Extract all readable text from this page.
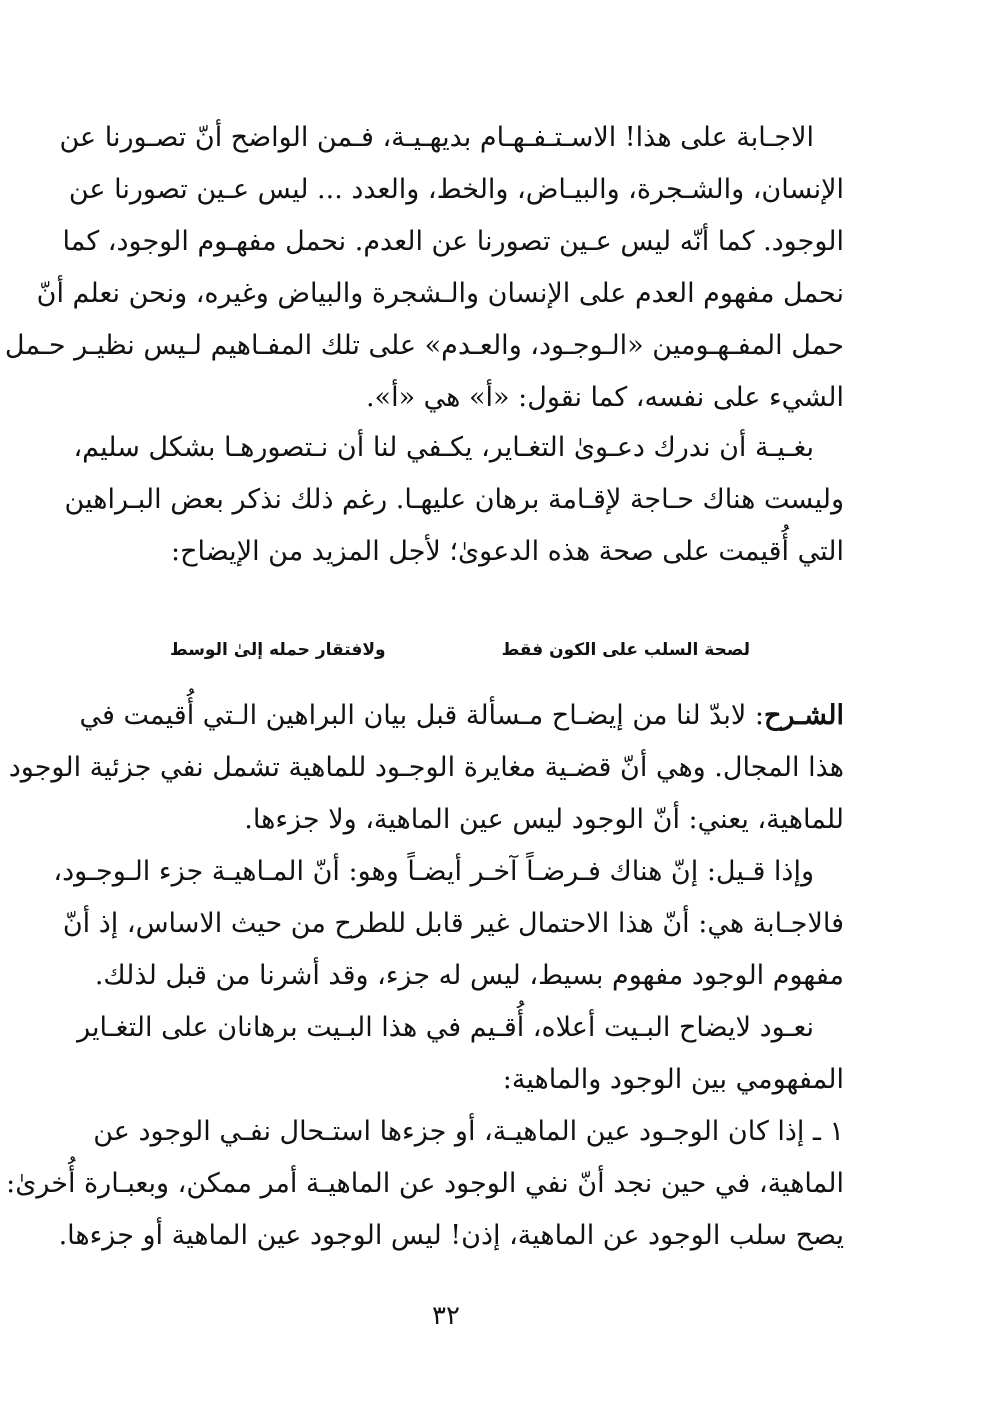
الاجـابة على هذا! الاسـتـفـهـام بديهـيـة، فـمن الواضح أنّ تصـورنا عن
الإنسان، والشـجرة، والبيـاض، والخط، والعدد ... ليس عـين تصورنا عن
الوجود. كما أنّه ليس عـين تصورنا عن العدم. نحمل مفهـوم الوجود، كما
نحمل مفهوم العدم على الإنسان والـشجرة والبياض وغيره، ونحن نعلم أنّ
حمل المفـهـومين «الـوجـود، والعـدم» على تلك المفـاهيم لـيس نظيـر حـمل
الشيء على نفسه، كما نقول: «أ» هي «أ».
بغـيـة أن ندرك دعـوىٰ التغـاير، يكـفي لنا أن نـتصورهـا بشكل سليم،
وليست هناك حـاجة لإقـامة برهان عليهـا. رغم ذلك نذكر بعض البـراهين
التي أُقيمت على صحة هذه الدعوىٰ؛ لأجل المزيد من الإيضاح:
لصحة السلب على الكون فقط
ولافتقار حمله إلىٰ الوسط
الشـرح: لابدّ لنا من إيضـاح مـسألة قبل بيان البراهين الـتي أُقيمت في
هذا المجال. وهي أنّ قضـية مغايرة الوجـود للماهية تشمل نفي جزئية الوجود
للماهية، يعني: أنّ الوجود ليس عين الماهية، ولا جزءها.
وإذا قـيل: إنّ هناك فـرضـاً آخـر أيضـاً وهو: أنّ المـاهيـة جزء الـوجـود،
فالاجـابة هي: أنّ هذا الاحتمال غير قابل للطرح من حيث الاساس، إذ أنّ
مفهوم الوجود مفهوم بسيط، ليس له جزء، وقد أشرنا من قبل لذلك.
نعـود لايضاح البـيت أعلاه، أُقـيم في هذا البـيت برهانان على التغـاير
المفهومي بين الوجود والماهية:
١ ـ إذا كان الوجـود عين الماهيـة، أو جزءها استـحال نفـي الوجود عن
الماهية، في حين نجد أنّ نفي الوجود عن الماهيـة أمر ممكن، وبعبـارة أُخرىٰ:
يصح سلب الوجود عن الماهية، إذن! ليس الوجود عين الماهية أو جزءها.
٣٢
